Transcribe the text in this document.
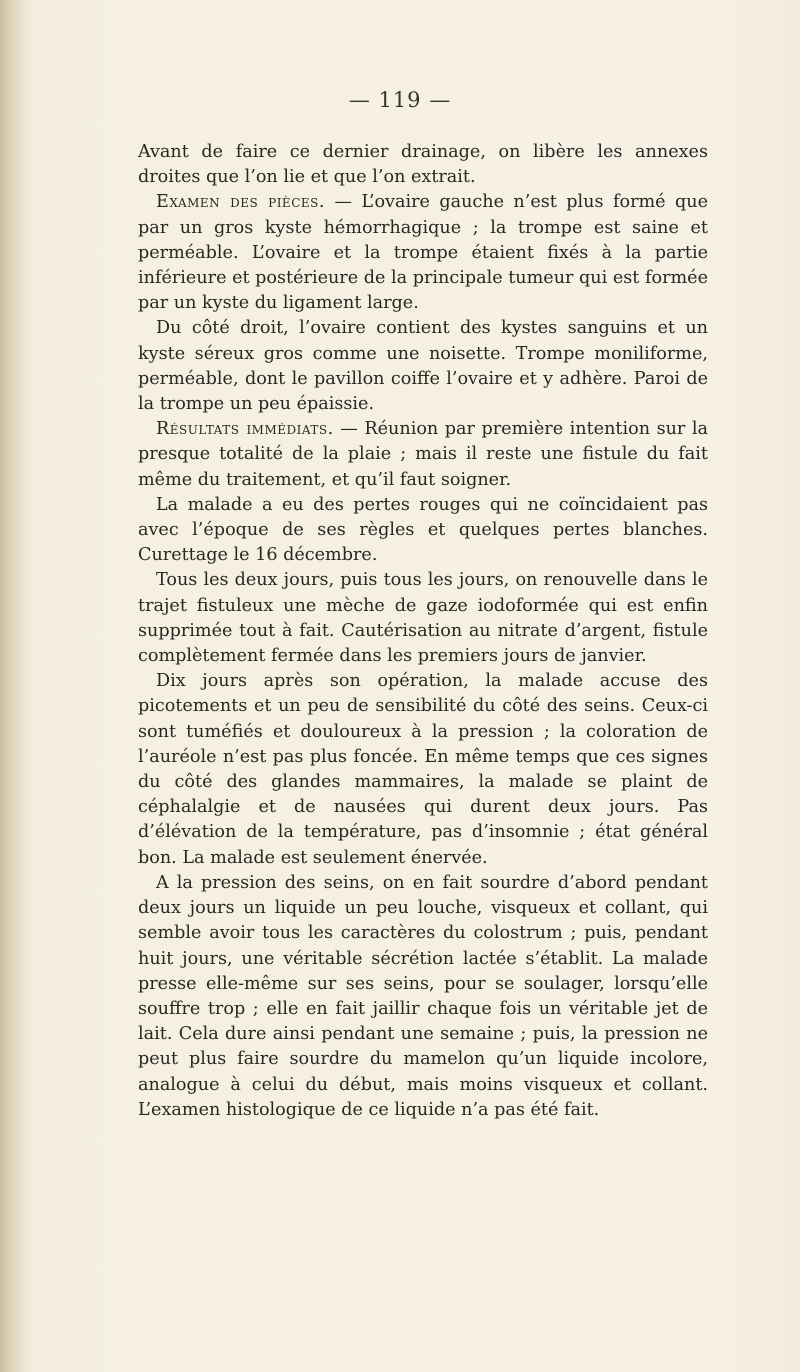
— 119 —

Avant de faire ce dernier drainage, on libère les annexes droites que l’on lie et que l’on extrait.

Examen des pièces. — L’ovaire gauche n’est plus formé que par un gros kyste hémorrhagique ; la trompe est saine et perméable. L’ovaire et la trompe étaient fixés à la partie inférieure et postérieure de la principale tumeur qui est formée par un kyste du ligament large.

Du côté droit, l’ovaire contient des kystes sanguins et un kyste séreux gros comme une noisette. Trompe moniliforme, perméable, dont le pavillon coiffe l’ovaire et y adhère. Paroi de la trompe un peu épaissie.

Résultats immédiats. — Réunion par première intention sur la presque totalité de la plaie ; mais il reste une fistule du fait même du traitement, et qu’il faut soigner.

La malade a eu des pertes rouges qui ne coïncidaient pas avec l’époque de ses règles et quelques pertes blanches. Curettage le 16 décembre.

Tous les deux jours, puis tous les jours, on renouvelle dans le trajet fistuleux une mèche de gaze iodoformée qui est enfin supprimée tout à fait. Cautérisation au nitrate d’argent, fistule complètement fermée dans les premiers jours de janvier.

Dix jours après son opération, la malade accuse des picotements et un peu de sensibilité du côté des seins. Ceux-ci sont tuméfiés et douloureux à la pression ; la coloration de l’auréole n’est pas plus foncée. En même temps que ces signes du côté des glandes mammaires, la malade se plaint de céphalalgie et de nausées qui durent deux jours. Pas d’élévation de la température, pas d’insomnie ; état général bon. La malade est seulement énervée.

A la pression des seins, on en fait sourdre d’abord pendant deux jours un liquide un peu louche, visqueux et collant, qui semble avoir tous les caractères du colostrum ; puis, pendant huit jours, une véritable sécrétion lactée s’établit. La malade presse elle-même sur ses seins, pour se soulager, lorsqu’elle souffre trop ; elle en fait jaillir chaque fois un véritable jet de lait. Cela dure ainsi pendant une semaine ; puis, la pression ne peut plus faire sourdre du mamelon qu’un liquide incolore, analogue à celui du début, mais moins visqueux et collant. L’examen histologique de ce liquide n’a pas été fait.
